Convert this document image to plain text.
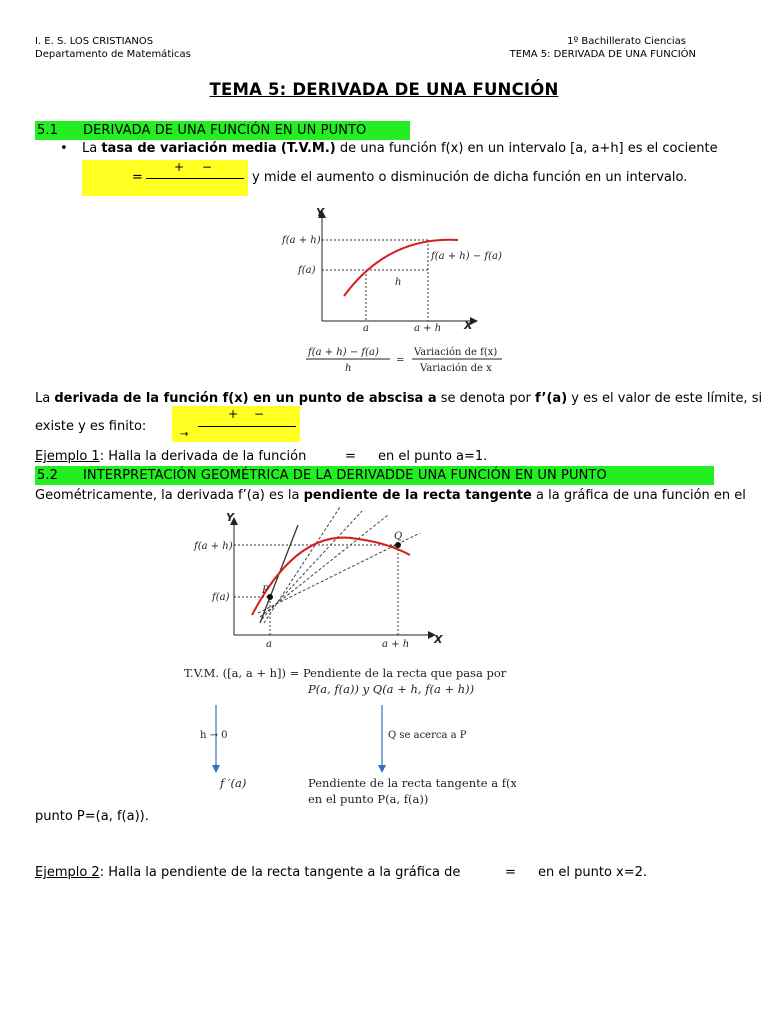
I. E. S. LOS CRISTIANOS
Departamento de Matemáticas
1º Bachillerato Ciencias
TEMA 5: DERIVADA DE UNA FUNCIÓN
TEMA 5: DERIVADA DE UNA FUNCIÓN
5.1 DERIVADA DE UNA FUNCIÓN EN UN PUNTO
• La tasa de variación media (T.V.M.) de una función f(x) en un intervalo [a, a+h] es el cociente
+ −
=	y mide el aumento o disminución de dicha función en un intervalo.
Y
X
f(a + h)
f(a)
f(a + h) − f(a)
h
a	a + h
f(a + h) − f(a)
h
=
Variación de f(x)
Variación de x
La derivada de la función f(x) en un punto de abscisa a se denota por f’(a) y es el valor de este límite, si
existe y es finito:
+ −
→
Ejemplo 1: Halla la derivada de la función	= en el punto a=1.
5.2 INTERPRETACIÓN GEOMÉTRICA DE LA DERIVADDE UNA FUNCIÓN EN UN PUNTO
Geométricamente, la derivada f’(a) es la pendiente de la recta tangente a la gráfica de una función en el
Y
X
f(a + h)
f(a)
P
Q
a	a + h
T.V.M. ([a, a + h]) = Pendiente de la recta que pasa por
P(a, f(a)) y Q(a + h, f(a + h))
h → 0	Q se acerca a P
f ′(a)	Pendiente de la recta tangente a f(x)
en el punto P(a, f(a))
punto P=(a, f(a)).
Ejemplo 2: Halla la pendiente de la recta tangente a la gráfica de	= en el punto x=2.
